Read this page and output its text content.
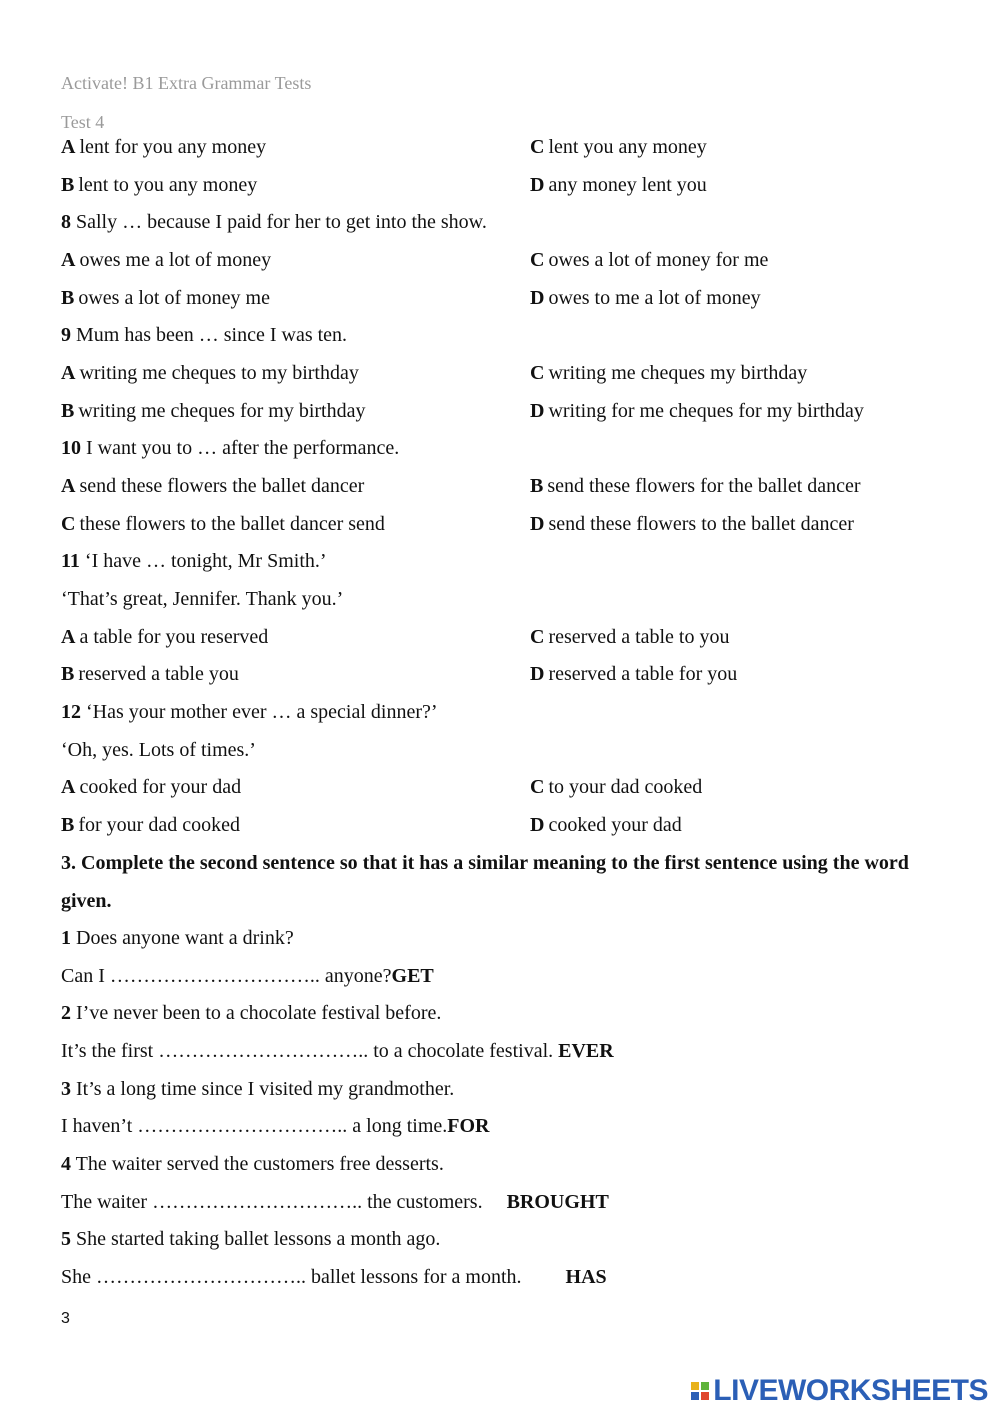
Activate! B1 Extra Grammar Tests
Test 4
A lent for you any money	C lent you any money
B lent to you any money	D any money lent you
8 Sally … because I paid for her to get into the show.
A owes me a lot of money	C owes a lot of money for me
B owes a lot of money me	D owes to me a lot of money
9 Mum has been … since I was ten.
A writing me cheques to my birthday	C writing me cheques my birthday
B writing me cheques for my birthday	D writing for me cheques for my birthday
10 I want you to … after the performance.
A send these flowers the ballet dancer	B send these flowers for the ballet dancer
C these flowers to the ballet dancer send	D send these flowers to the ballet dancer
11 ‘I have … tonight, Mr Smith.’
‘That’s great, Jennifer. Thank you.’
A a table for you reserved	C reserved a table to you
B reserved a table you	D reserved a table for you
12 ‘Has your mother ever … a special dinner?’
‘Oh, yes. Lots of times.’
A cooked for your dad	C to your dad cooked
B for your dad cooked	D cooked your dad
3. Complete the second sentence so that it has a similar meaning to the first sentence using the word given.
1 Does anyone want a drink?
Can I ………………………….. anyone?GET
2 I’ve never been to a chocolate festival before.
It’s the first ………………………….. to a chocolate festival. EVER
3 It’s a long time since I visited my grandmother.
I haven’t ………………………….. a long time.FOR
4 The waiter served the customers free desserts.
The waiter ………………………….. the customers. BROUGHT
5 She started taking ballet lessons a month ago.
She ………………………….. ballet lessons for a month. HAS
3
LIVEWORKSHEETS
